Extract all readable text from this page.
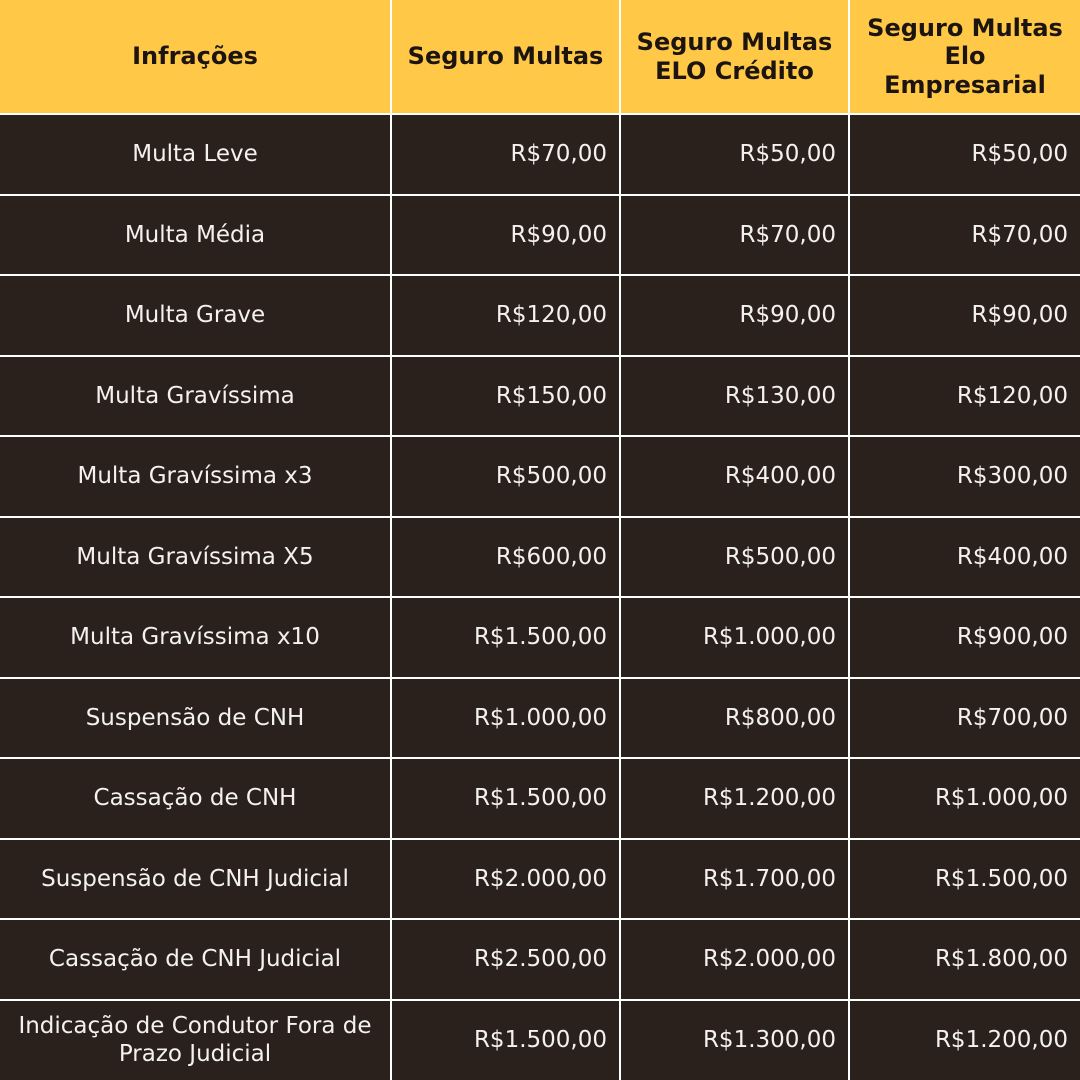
Infrações	Seguro Multas	Seguro Multas ELO Crédito	Seguro Multas Elo Empresarial
Multa Leve	R$70,00	R$50,00	R$50,00
Multa Média	R$90,00	R$70,00	R$70,00
Multa Grave	R$120,00	R$90,00	R$90,00
Multa Gravíssima	R$150,00	R$130,00	R$120,00
Multa Gravíssima x3	R$500,00	R$400,00	R$300,00
Multa Gravíssima X5	R$600,00	R$500,00	R$400,00
Multa Gravíssima x10	R$1.500,00	R$1.000,00	R$900,00
Suspensão de CNH	R$1.000,00	R$800,00	R$700,00
Cassação de CNH	R$1.500,00	R$1.200,00	R$1.000,00
Suspensão de CNH Judicial	R$2.000,00	R$1.700,00	R$1.500,00
Cassação de CNH Judicial	R$2.500,00	R$2.000,00	R$1.800,00
Indicação de Condutor Fora de Prazo Judicial	R$1.500,00	R$1.300,00	R$1.200,00
